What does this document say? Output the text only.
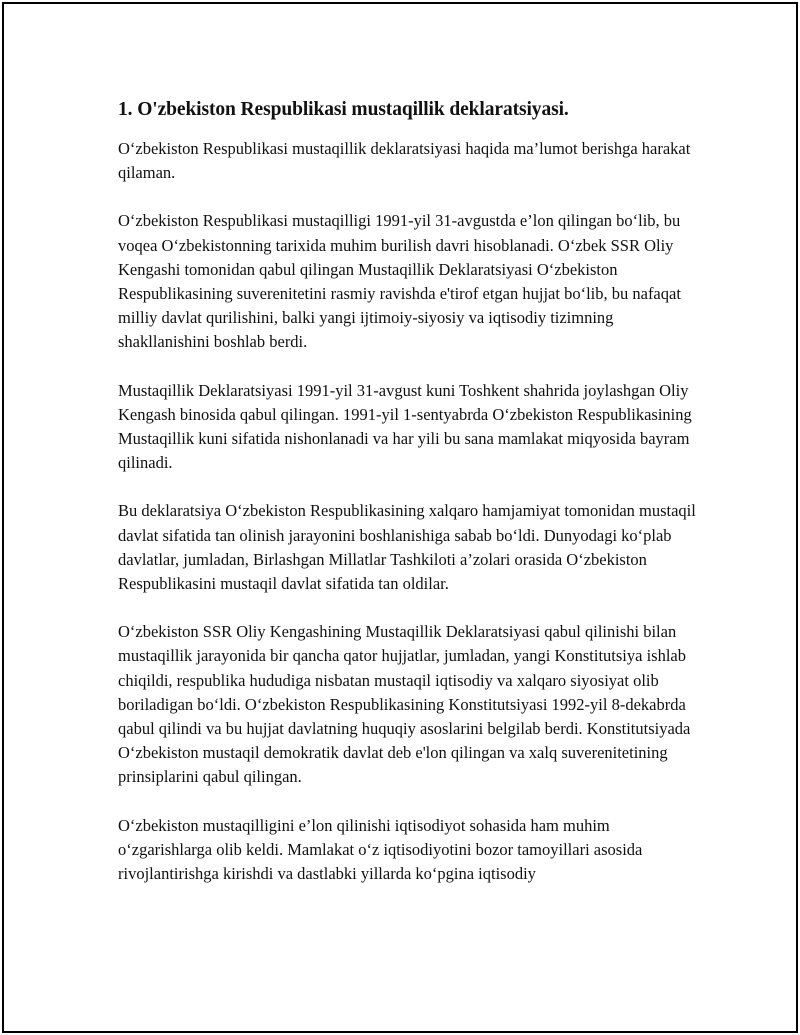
1. O'zbekiston Respublikasi mustaqillik deklaratsiyasi.

O‘zbekiston Respublikasi mustaqillik deklaratsiyasi haqida ma’lumot berishga harakat qilaman.

O‘zbekiston Respublikasi mustaqilligi 1991-yil 31-avgustda e’lon qilingan bo‘lib, bu voqea O‘zbekistonning tarixida muhim burilish davri hisoblanadi. O‘zbek SSR Oliy Kengashi tomonidan qabul qilingan Mustaqillik Deklaratsiyasi O‘zbekiston Respublikasining suverenitetini rasmiy ravishda e'tirof etgan hujjat bo‘lib, bu nafaqat milliy davlat qurilishini, balki yangi ijtimoiy-siyosiy va iqtisodiy tizimning shakllanishini boshlab berdi.

Mustaqillik Deklaratsiyasi 1991-yil 31-avgust kuni Toshkent shahrida joylashgan Oliy Kengash binosida qabul qilingan. 1991-yil 1-sentyabrda O‘zbekiston Respublikasining Mustaqillik kuni sifatida nishonlanadi va har yili bu sana mamlakat miqyosida bayram qilinadi.

Bu deklaratsiya O‘zbekiston Respublikasining xalqaro hamjamiyat tomonidan mustaqil davlat sifatida tan olinish jarayonini boshlanishiga sabab bo‘ldi. Dunyodagi ko‘plab davlatlar, jumladan, Birlashgan Millatlar Tashkiloti a’zolari orasida O‘zbekiston Respublikasini mustaqil davlat sifatida tan oldilar.

O‘zbekiston SSR Oliy Kengashining Mustaqillik Deklaratsiyasi qabul qilinishi bilan mustaqillik jarayonida bir qancha qator hujjatlar, jumladan, yangi Konstitutsiya ishlab chiqildi, respublika hududiga nisbatan mustaqil iqtisodiy va xalqaro siyosiyat olib boriladigan bo‘ldi. O‘zbekiston Respublikasining Konstitutsiyasi 1992-yil 8-dekabrda qabul qilindi va bu hujjat davlatning huquqiy asoslarini belgilab berdi. Konstitutsiyada O‘zbekiston mustaqil demokratik davlat deb e'lon qilingan va xalq suverenitetining prinsiplarini qabul qilingan.

O‘zbekiston mustaqilligini e’lon qilinishi iqtisodiyot sohasida ham muhim o‘zgarishlarga olib keldi. Mamlakat o‘z iqtisodiyotini bozor tamoyillari asosida rivojlantirishga kirishdi va dastlabki yillarda ko‘pgina iqtisodiy
